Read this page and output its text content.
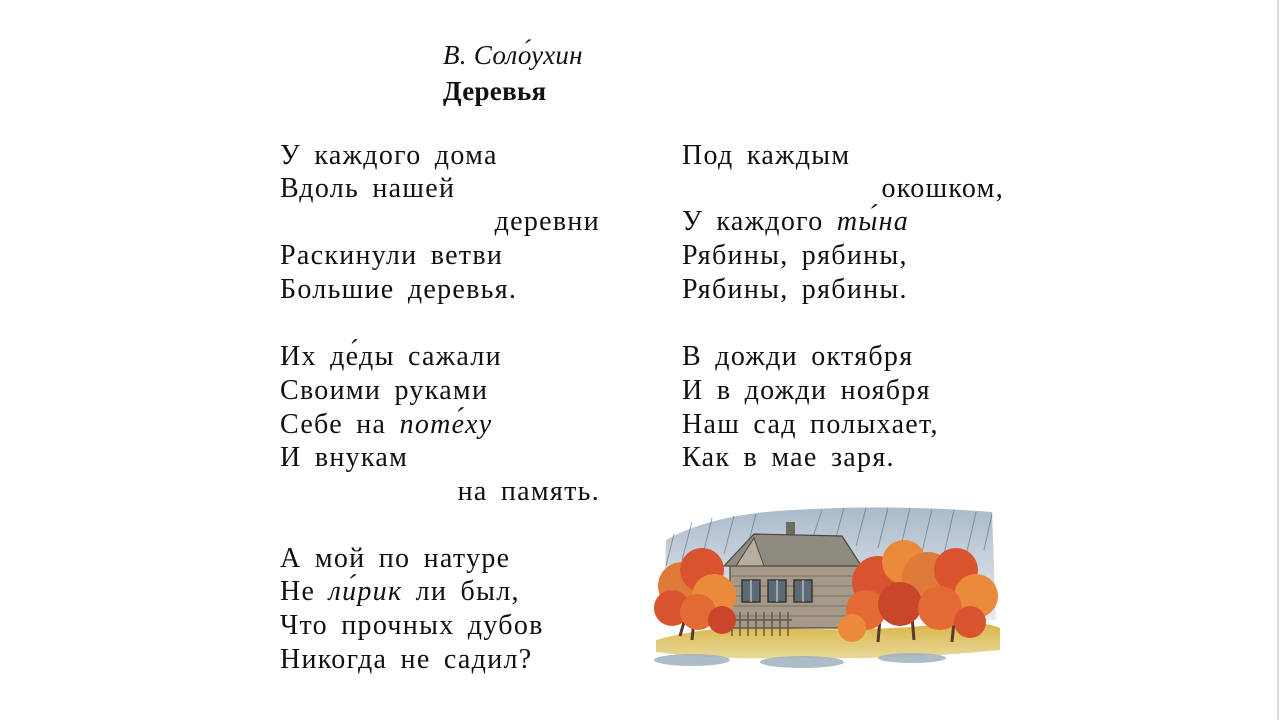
В. Соло́ухин
Деревья
У каждого дома
Вдоль нашей
деревни
Раскинули ветви
Большие деревья.
Их де́ды сажали
Своими руками
Себе на поте́ху
И внукам
на память.
А мой по натуре
Не ли́рик ли был,
Что прочных дубов
Никогда не садил?
Под каждым
окошком,
У каждого ты́на
Рябины, рябины,
Рябины, рябины.
В дожди октября
И в дожди ноября
Наш сад полыхает,
Как в мае заря.
